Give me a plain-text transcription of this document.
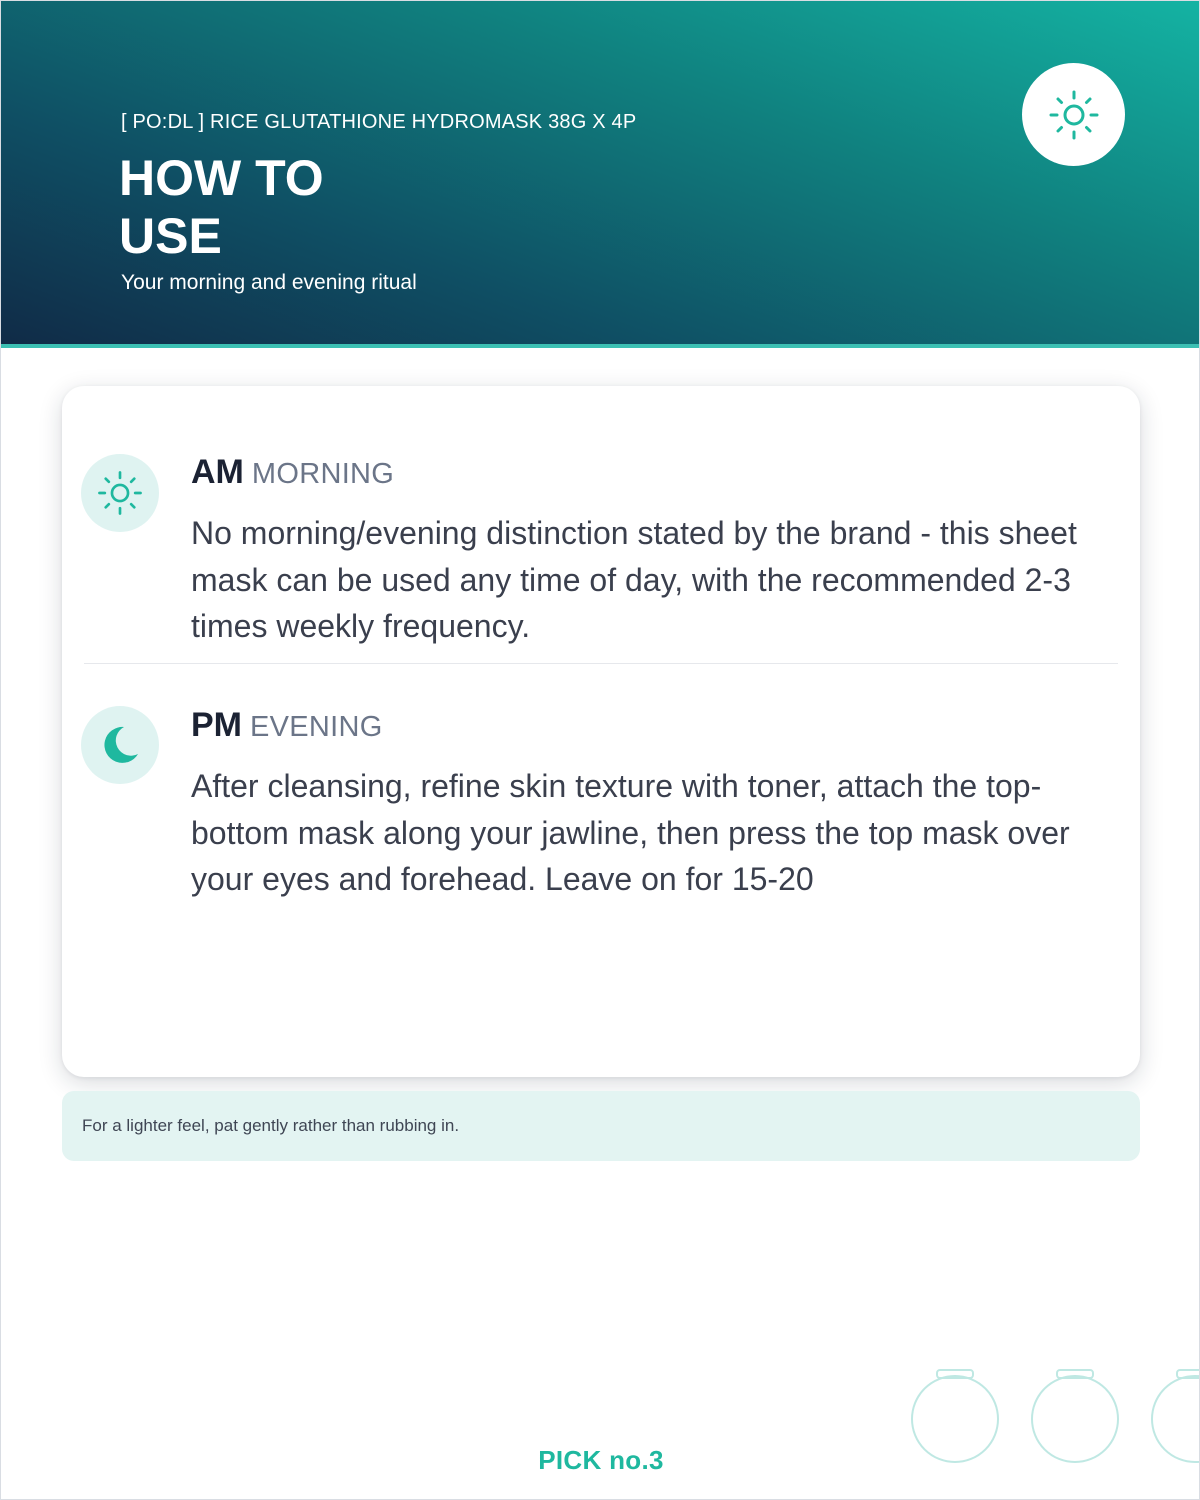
[ PO:DL ] RICE GLUTATHIONE HYDROMASK 38G X 4P
HOW TO
USE
Your morning and evening ritual
AM MORNING
No morning/evening distinction stated by the brand - this sheet mask can be used any time of day, with the recommended 2-3 times weekly frequency.
PM EVENING
After cleansing, refine skin texture with toner, attach the top-bottom mask along your jawline, then press the top mask over your eyes and forehead. Leave on for 15-20
For a lighter feel, pat gently rather than rubbing in.
PICK no.3
